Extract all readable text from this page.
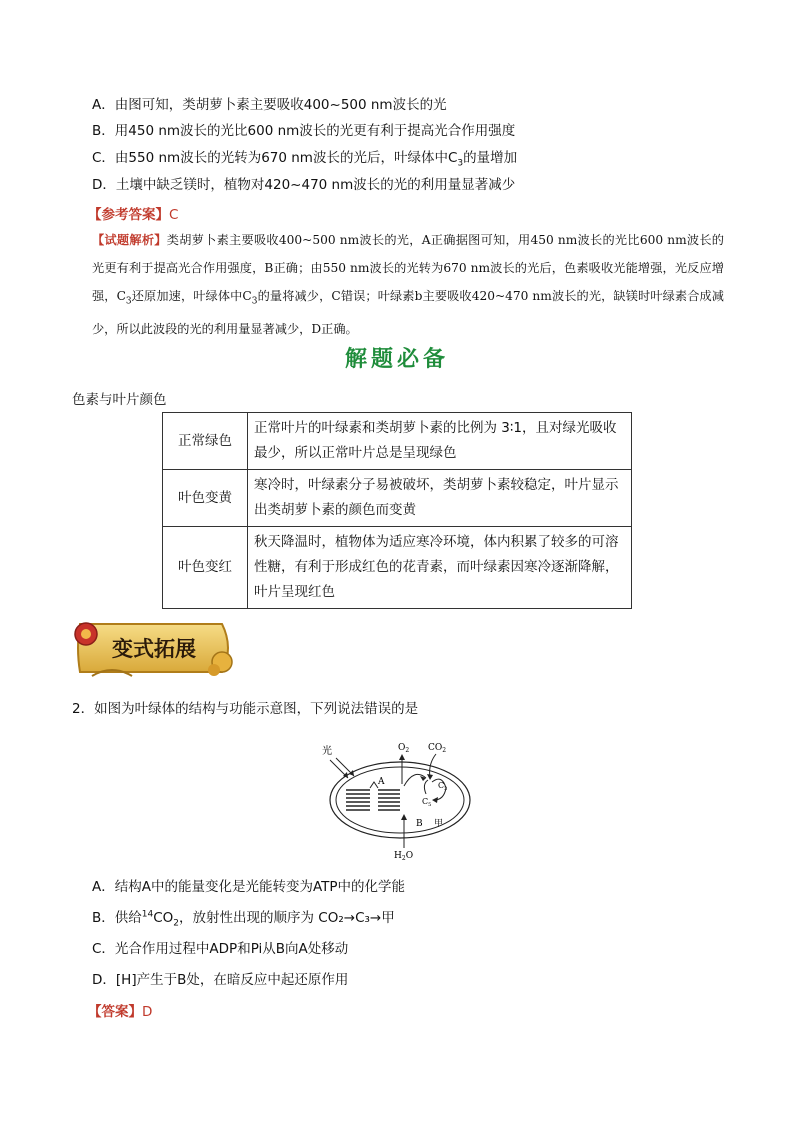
A．由图可知，类胡萝卜素主要吸收400~500 nm波长的光
B．用450 nm波长的光比600 nm波长的光更有利于提高光合作用强度
C．由550 nm波长的光转为670 nm波长的光后，叶绿体中$C_3$的量增加
D．土壤中缺乏镁时，植物对420~470 nm波长的光的利用量显著减少
【参考答案】C
【试题解析】类胡萝卜素主要吸收400~500 nm波长的光，A正确据图可知，用450 nm波长的光比600 nm波长的光更有利于提高光合作用强度，B正确；由550 nm波长的光转为670 nm波长的光后，色素吸收光能增强，光反应增强，$C_3$还原加速，叶绿体中$C_3$的量将减少，C错误；叶绿素b主要吸收420~470 nm波长的光，缺镁时叶绿素合成减少，所以此波段的光的利用量显著减少，D正确。
解题必备
色素与叶片颜色
正常绿色	正常叶片的叶绿素和类胡萝卜素的比例为 3∶1，且对绿光吸收最少，所以正常叶片总是呈现绿色
叶色变黄	寒冷时，叶绿素分子易被破坏，类胡萝卜素较稳定，叶片显示出类胡萝卜素的颜色而变黄
叶色变红	秋天降温时，植物体为适应寒冷环境，体内积累了较多的可溶性糖，有利于形成红色的花青素，而叶绿素因寒冷逐渐降解，叶片呈现红色
变式拓展
2．如图为叶绿体的结构与功能示意图，下列说法错误的是
光	$O_2$ $CO_2$
$C_3$
$C_5$
A
B 甲
$H_2O$
A．结构A中的能量变化是光能转变为ATP中的化学能
B．供给$^{14}CO_2$，放射性出现的顺序为 CO₂→C₃→甲
C．光合作用过程中ADP和Pi从B向A处移动
D．[H]产生于B处，在暗反应中起还原作用
【答案】D
